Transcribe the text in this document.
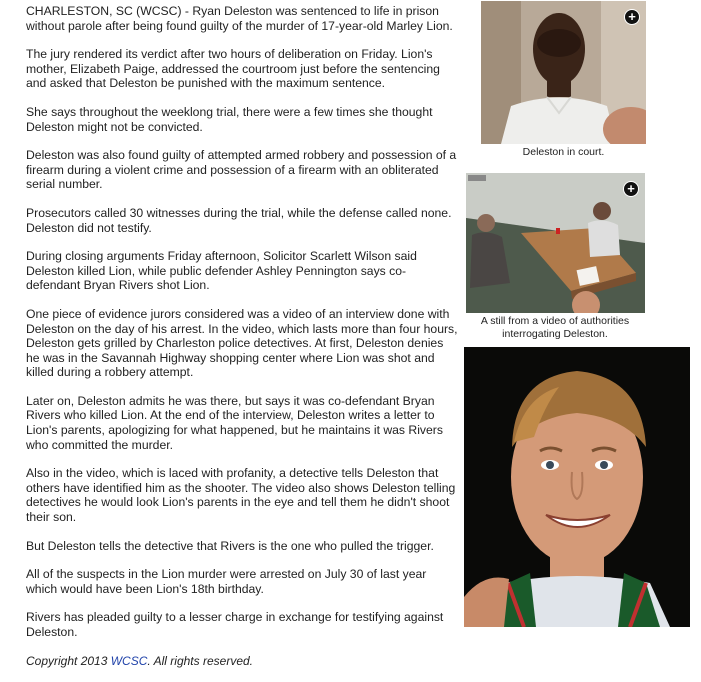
CHARLESTON, SC (WCSC) - Ryan Deleston was sentenced to life in prison without parole after being found guilty of the murder of 17-year-old Marley Lion.

The jury rendered its verdict after two hours of deliberation on Friday. Lion's mother, Elizabeth Paige, addressed the courtroom just before the sentencing and asked that Deleston be punished with the maximum sentence.

She says throughout the weeklong trial, there were a few times she thought Deleston might not be convicted.

Deleston was also found guilty of attempted armed robbery and possession of a firearm during a violent crime and possession of a firearm with an obliterated serial number.

Prosecutors called 30 witnesses during the trial, while the defense called none. Deleston did not testify.

During closing arguments Friday afternoon, Solicitor Scarlett Wilson said Deleston killed Lion, while public defender Ashley Pennington says co-defendant Bryan Rivers shot Lion.

One piece of evidence jurors considered was a video of an interview done with Deleston on the day of his arrest. In the video, which lasts more than four hours, Deleston gets grilled by Charleston police detectives. At first, Deleston denies he was in the Savannah Highway shopping center where Lion was shot and killed during a robbery attempt.

Later on, Deleston admits he was there, but says it was co-defendant Bryan Rivers who killed Lion. At the end of the interview, Deleston writes a letter to Lion's parents, apologizing for what happened, but he maintains it was Rivers who committed the murder.

Also in the video, which is laced with profanity, a detective tells Deleston that others have identified him as the shooter. The video also shows Deleston telling detectives he would look Lion's parents in the eye and tell them he didn't shoot their son.

But Deleston tells the detective that Rivers is the one who pulled the trigger.

All of the suspects in the Lion murder were arrested on July 30 of last year which would have been Lion's 18th birthday.

Rivers has pleaded guilty to a lesser charge in exchange for testifying against Deleston.

Copyright 2013 WCSC. All rights reserved.

+
Deleston in court.
+
A still from a video of authorities interrogating Deleston.
